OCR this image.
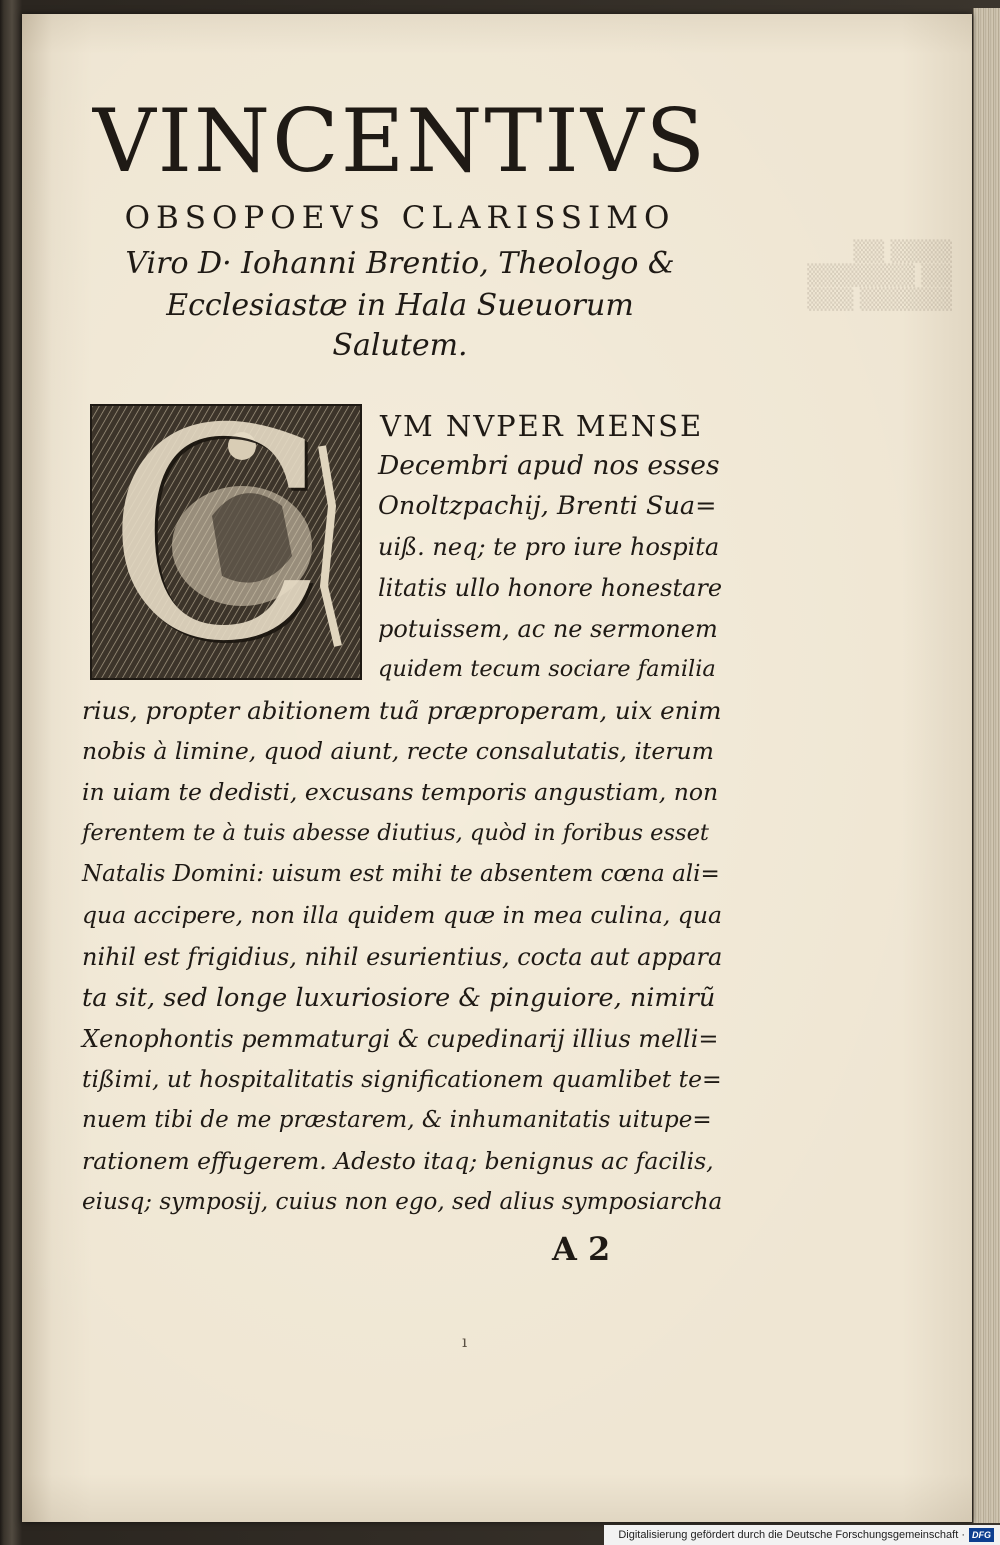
▒▒ ▒▒▒▒
▒▒▒▒▒▒▒ ▒▒
▒▒▒ ▒▒▒▒▒▒
VINCENTIVS
OBSOPOEVS CLARISSIMO
Viro D· Iohanni Brentio, Theologo &
Ecclesiastæ in Hala Sueuorum
Salutem.
C VM NVPER MENSE

Decembri apud nos esses

Onoltzpachij, Brenti Sua=

uiß. neq; te pro iure hospita

litatis ullo honore honestare

potuissem, ac ne sermonem

quidem tecum sociare familia

rius, propter abitionem tuã præproperam, uix enim

nobis à limine, quod aiunt, recte consalutatis, iterum

in uiam te dedisti, excusans temporis angustiam, non

ferentem te à tuis abesse diutius, quòd in foribus esset

Natalis Domini: uisum est mihi te absentem cœna ali=

qua accipere, non illa quidem quæ in mea culina, qua

nihil est frigidius, nihil esurientius, cocta aut appara

ta sit, sed longe luxuriosiore & pinguiore, nimirũ

Xenophontis pemmaturgi & cupedinarij illius melli=

tißimi, ut hospitalitatis significationem quamlibet te=

nuem tibi de me præstarem, & inhumanitatis uitupe=

rationem effugerem. Adesto itaq; benignus ac facilis,

eiusq; symposij, cuius non ego, sed alius symposiarcha

A 2
ı
Digitalisierung gefördert durch die Deutsche Forschungsgemeinschaft · DFG
